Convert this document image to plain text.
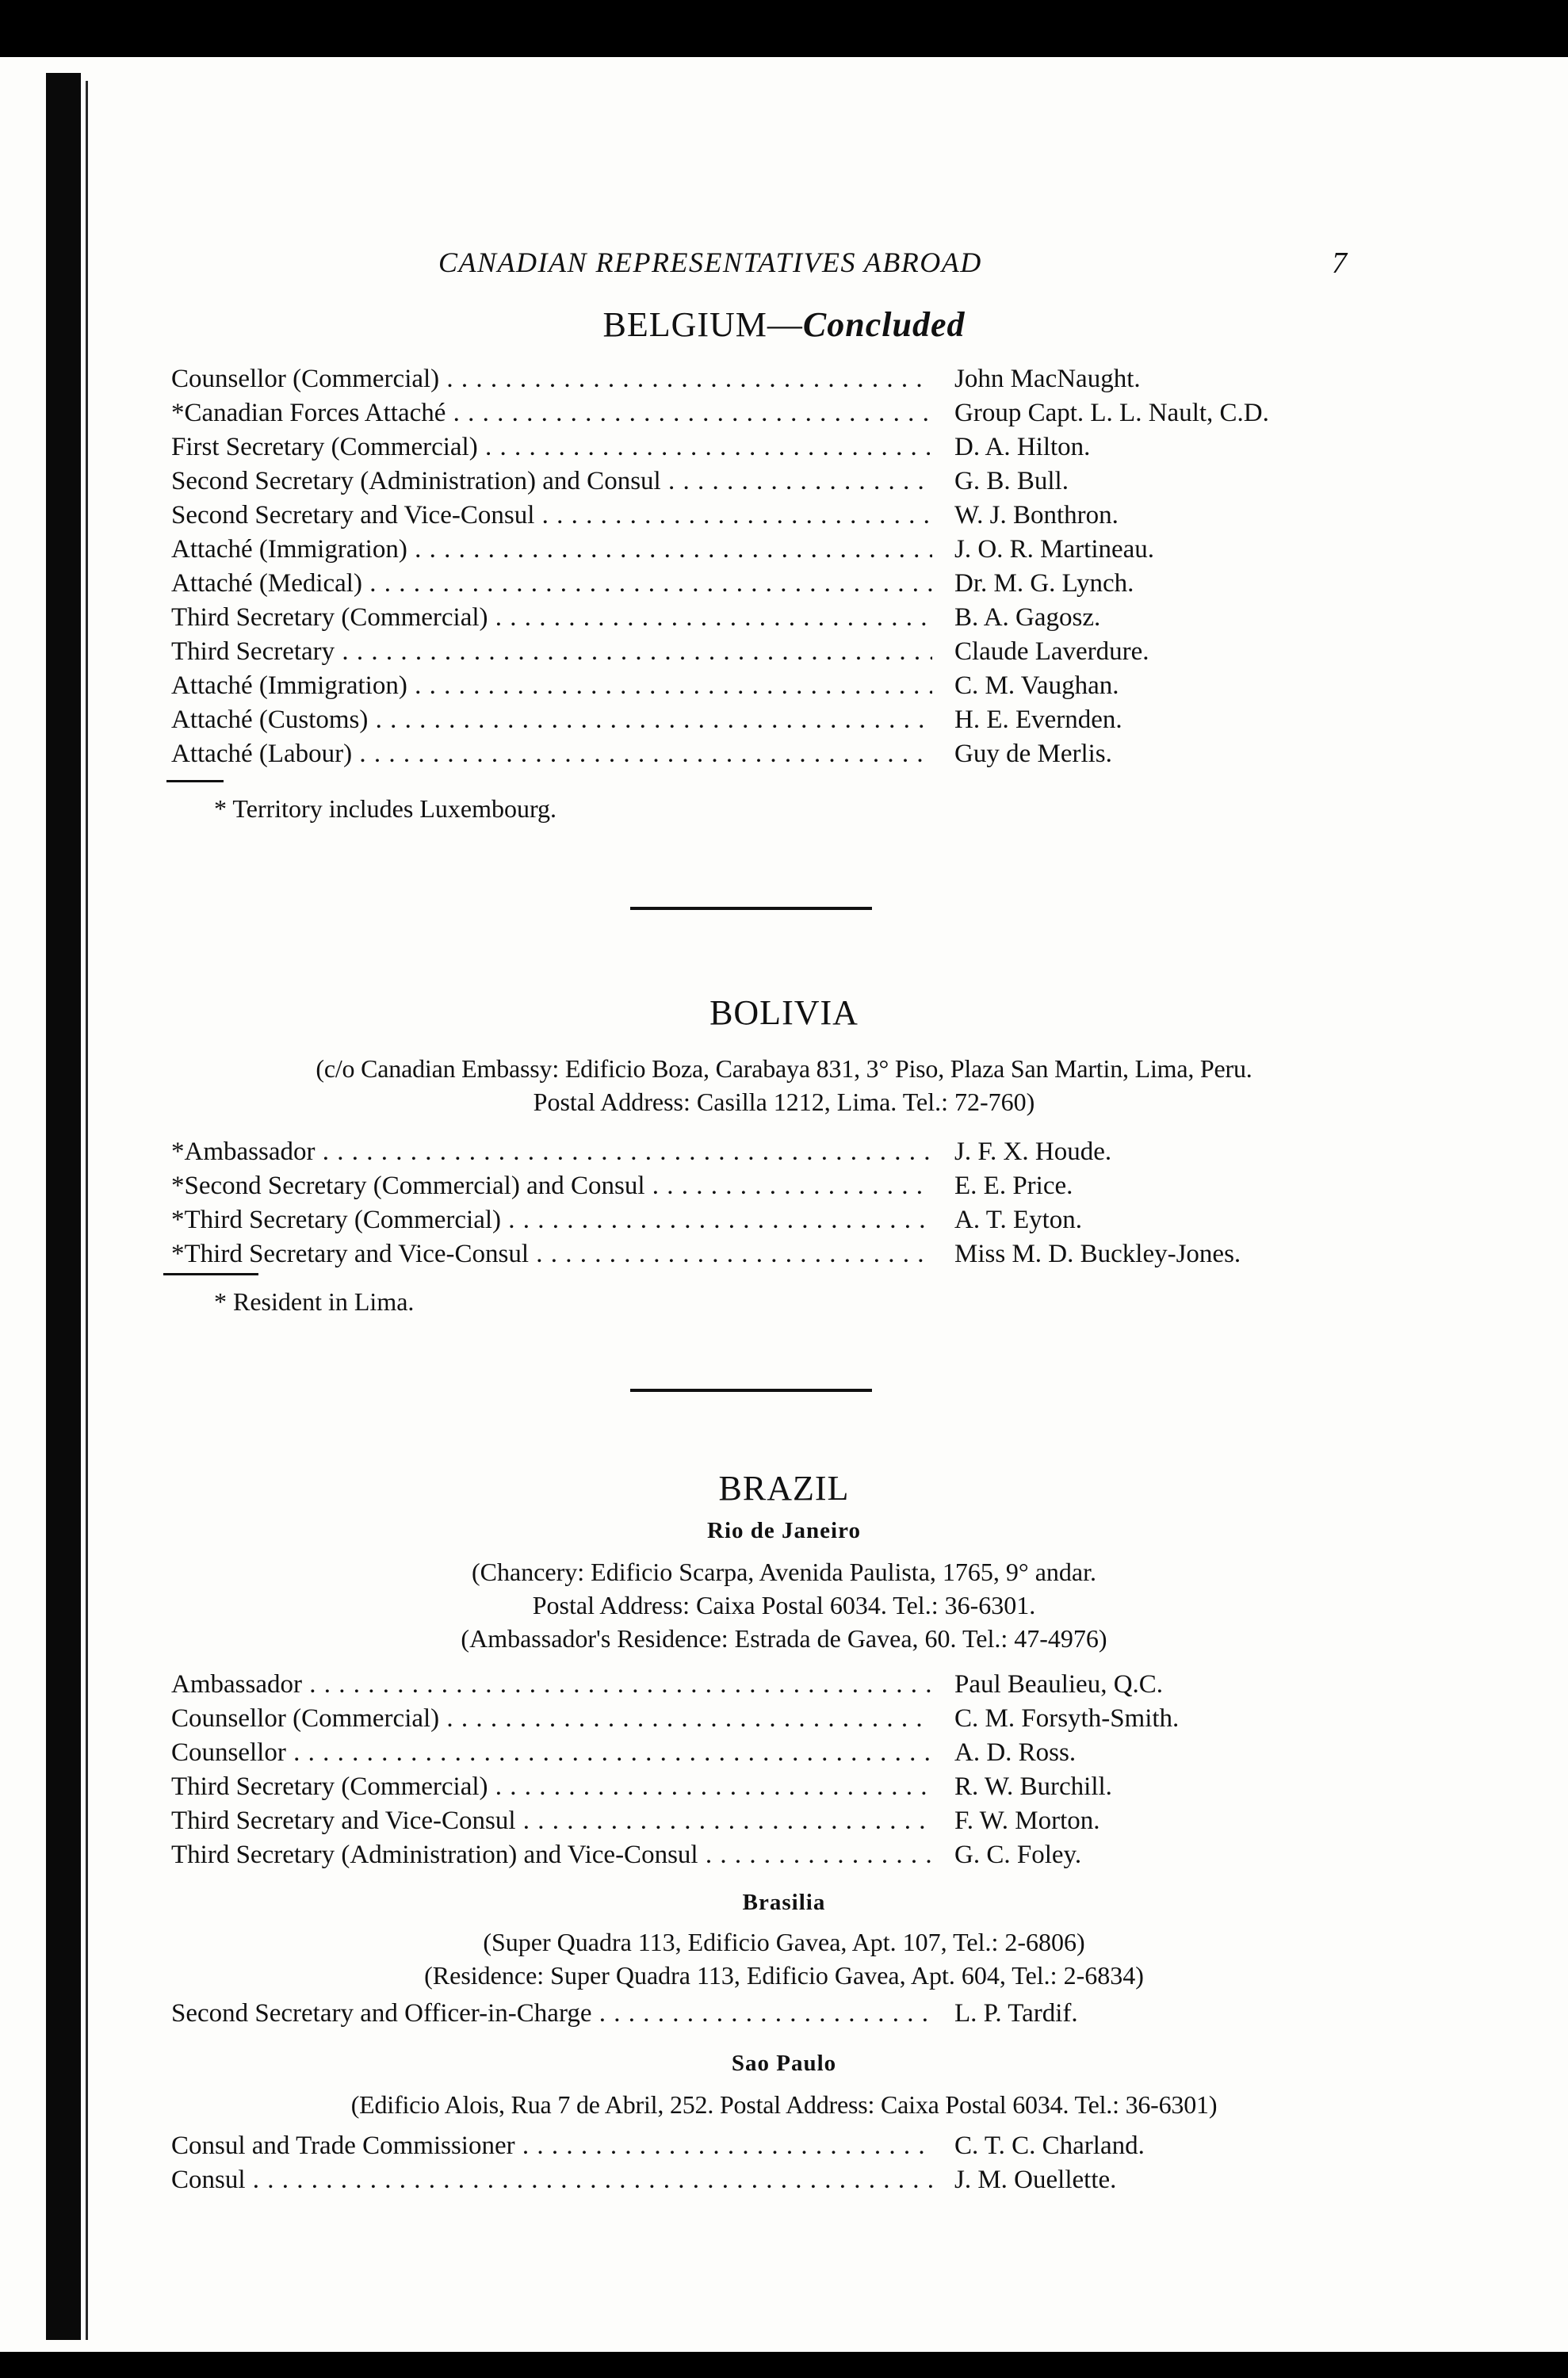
CANADIAN REPRESENTATIVES ABROAD	7
BELGIUM—Concluded
Counsellor (Commercial) . . .	John MacNaught.
*Canadian Forces Attaché . . .	Group Capt. L. L. Nault, C.D.
First Secretary (Commercial) . . .	D. A. Hilton.
Second Secretary (Administration) and Consul . . .	G. B. Bull.
Second Secretary and Vice-Consul . . .	W. J. Bonthron.
Attaché (Immigration) . . .	J. O. R. Martineau.
Attaché (Medical) . . .	Dr. M. G. Lynch.
Third Secretary (Commercial) . . .	B. A. Gagosz.
Third Secretary . . .	Claude Laverdure.
Attaché (Immigration) . . .	C. M. Vaughan.
Attaché (Customs) . . .	H. E. Evernden.
Attaché (Labour) . . .	Guy de Merlis.
* Territory includes Luxembourg.
BOLIVIA
(c/o Canadian Embassy: Edificio Boza, Carabaya 831, 3° Piso, Plaza San Martin, Lima, Peru.
Postal Address: Casilla 1212, Lima. Tel.: 72-760)
*Ambassador . . .	J. F. X. Houde.
*Second Secretary (Commercial) and Consul . . .	E. E. Price.
*Third Secretary (Commercial) . . .	A. T. Eyton.
*Third Secretary and Vice-Consul . . .	Miss M. D. Buckley-Jones.
* Resident in Lima.
BRAZIL
Rio de Janeiro
(Chancery: Edificio Scarpa, Avenida Paulista, 1765, 9° andar.
Postal Address: Caixa Postal 6034. Tel.: 36-6301.
(Ambassador's Residence: Estrada de Gavea, 60. Tel.: 47-4976)
Ambassador . . .	Paul Beaulieu, Q.C.
Counsellor (Commercial) . . .	C. M. Forsyth-Smith.
Counsellor . . .	A. D. Ross.
Third Secretary (Commercial) . . .	R. W. Burchill.
Third Secretary and Vice-Consul . . .	F. W. Morton.
Third Secretary (Administration) and Vice-Consul . . .	G. C. Foley.
Brasilia
(Super Quadra 113, Edificio Gavea, Apt. 107, Tel.: 2-6806)
(Residence: Super Quadra 113, Edificio Gavea, Apt. 604, Tel.: 2-6834)
Second Secretary and Officer-in-Charge . . .	L. P. Tardif.
Sao Paulo
(Edificio Alois, Rua 7 de Abril, 252. Postal Address: Caixa Postal 6034. Tel.: 36-6301)
Consul and Trade Commissioner . . .	C. T. C. Charland.
Consul . . .	J. M. Ouellette.
